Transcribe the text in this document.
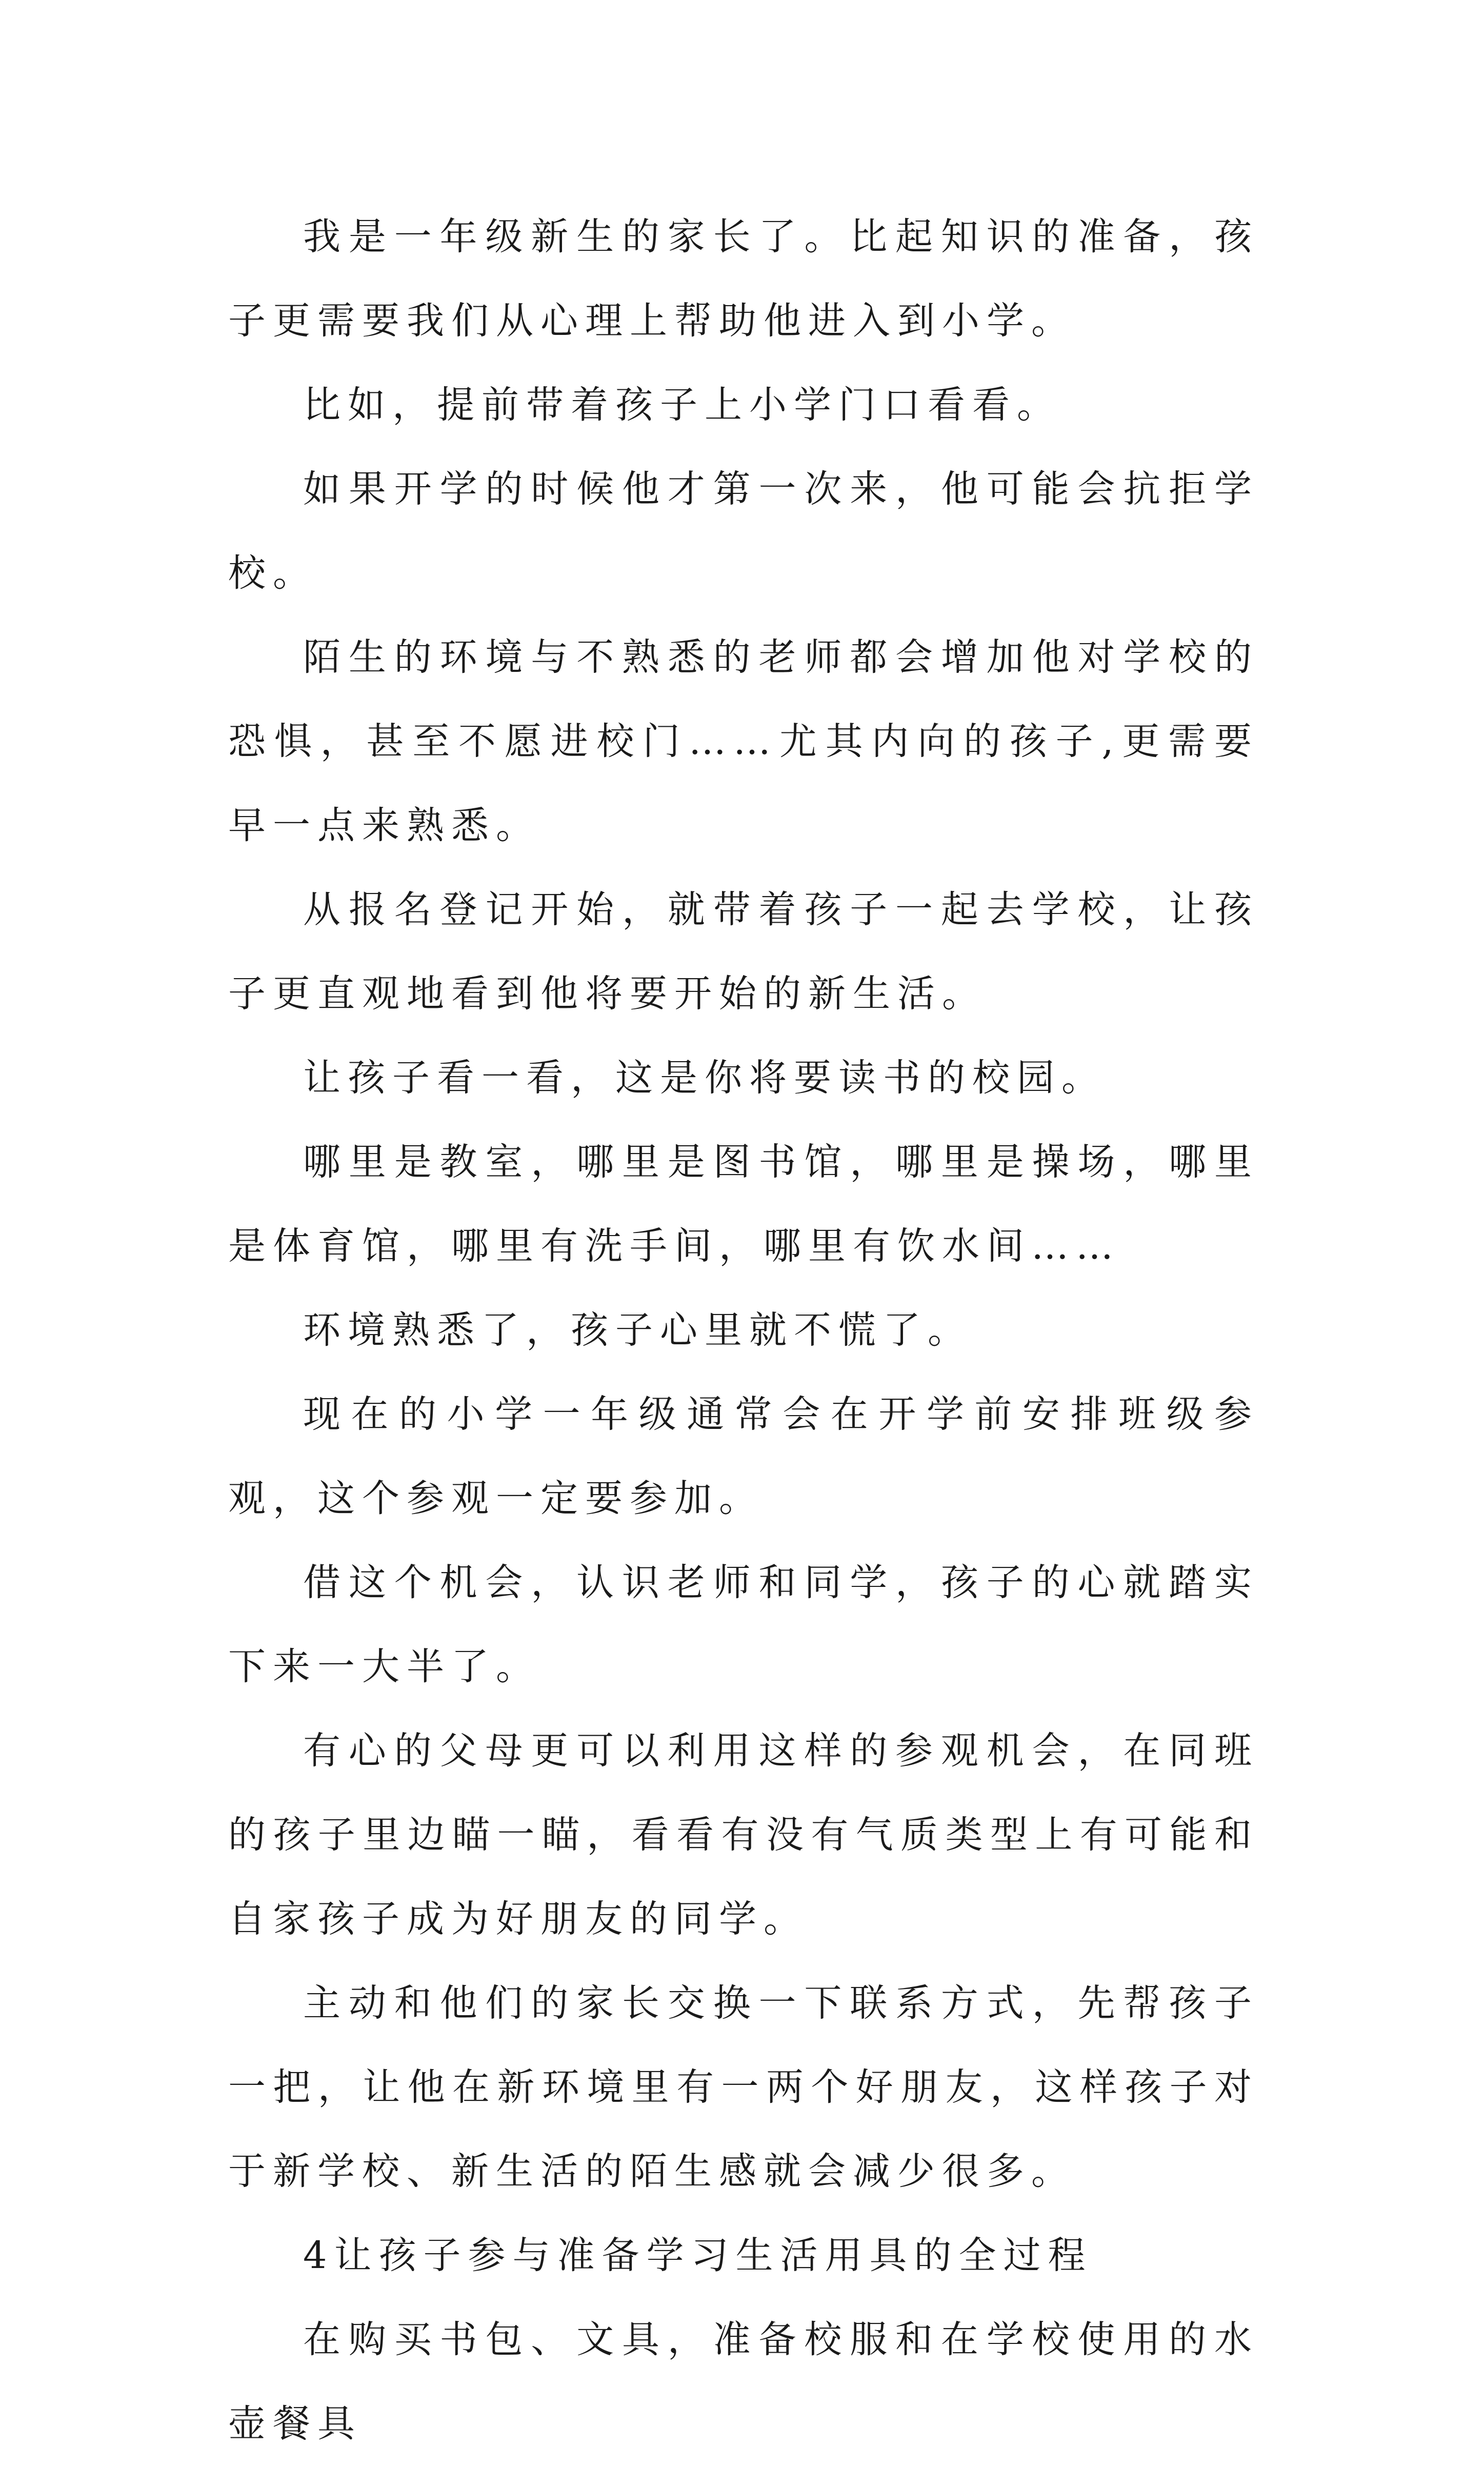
我是一年级新生的家长了。比起知识的准备，孩子更需要我们从心理上帮助他进入到小学。

比如，提前带着孩子上小学门口看看。

如果开学的时候他才第一次来，他可能会抗拒学校。

陌生的环境与不熟悉的老师都会增加他对学校的恐惧，甚至不愿进校门……尤其内向的孩子,更需要早一点来熟悉。

从报名登记开始，就带着孩子一起去学校，让孩子更直观地看到他将要开始的新生活。

让孩子看一看，这是你将要读书的校园。

哪里是教室，哪里是图书馆，哪里是操场，哪里是体育馆，哪里有洗手间，哪里有饮水间……

环境熟悉了，孩子心里就不慌了。

现在的小学一年级通常会在开学前安排班级参观，这个参观一定要参加。

借这个机会，认识老师和同学，孩子的心就踏实下来一大半了。

有心的父母更可以利用这样的参观机会，在同班的孩子里边瞄一瞄，看看有没有气质类型上有可能和自家孩子成为好朋友的同学。

主动和他们的家长交换一下联系方式，先帮孩子一把，让他在新环境里有一两个好朋友，这样孩子对于新学校、新生活的陌生感就会减少很多。

4让孩子参与准备学习生活用具的全过程

在购买书包、文具，准备校服和在学校使用的水壶餐具
